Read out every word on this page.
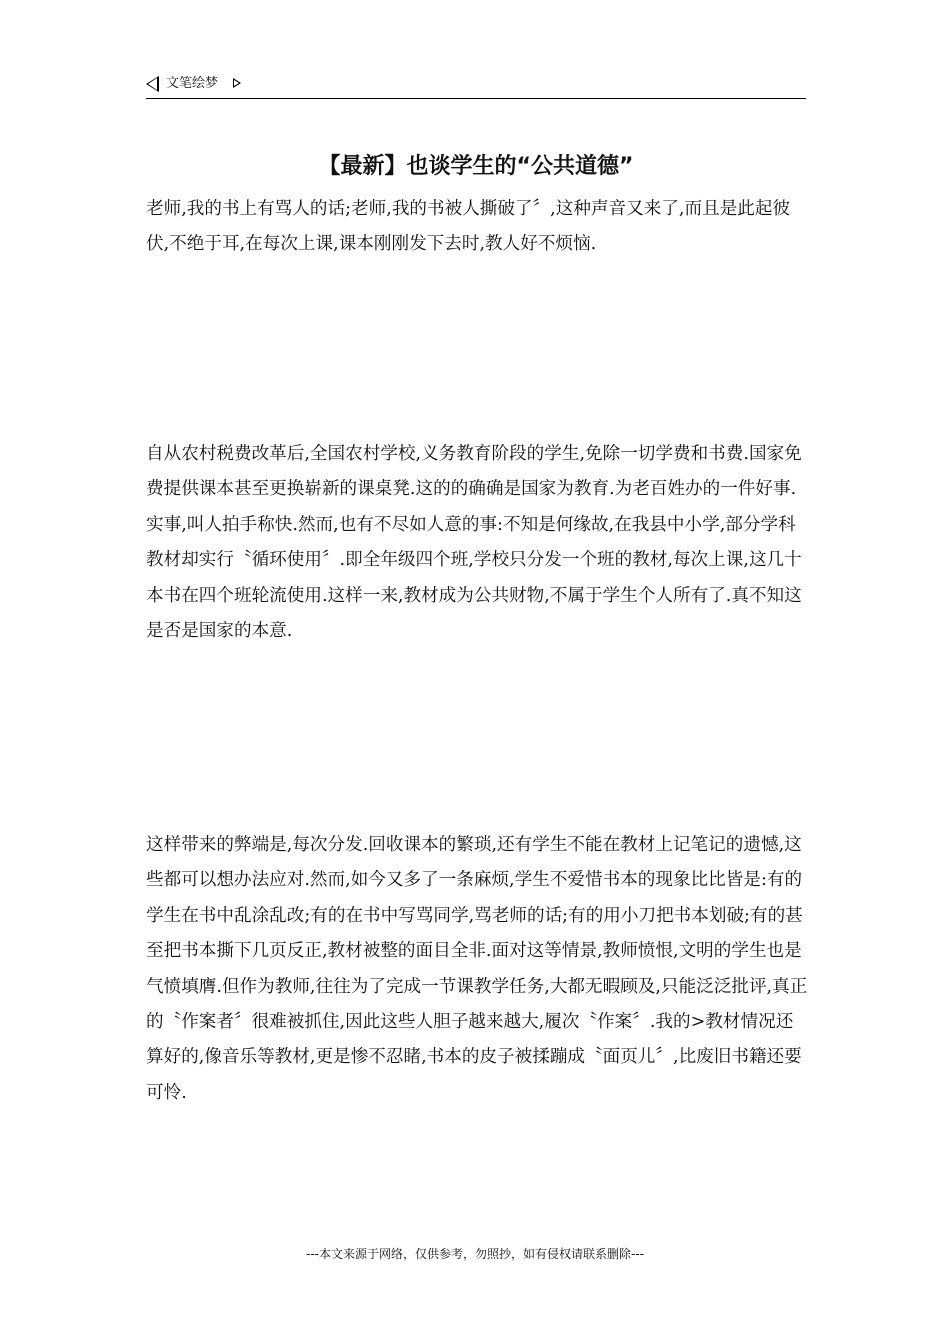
文笔绘梦
【最新】也谈学生的“公共道德”

老师,我的书上有骂人的话;老师,我的书被人撕破了〞,这种声音又来了,而且是此起彼伏,不绝于耳,在每次上课,课本刚刚发下去时,教人好不烦恼.

自从农村税费改革后,全国农村学校,义务教育阶段的学生,免除一切学费和书费.国家免费提供课本甚至更换崭新的课桌凳.这的的确确是国家为教育.为老百姓办的一件好事.实事,叫人拍手称快.然而,也有不尽如人意的事:不知是何缘故,在我县中小学,部分学科教材却实行〝循环使用〞.即全年级四个班,学校只分发一个班的教材,每次上课,这几十本书在四个班轮流使用.这样一来,教材成为公共财物,不属于学生个人所有了.真不知这是否是国家的本意.

这样带来的弊端是,每次分发.回收课本的繁琐,还有学生不能在教材上记笔记的遗憾,这些都可以想办法应对.然而,如今又多了一条麻烦,学生不爱惜书本的现象比比皆是:有的学生在书中乱涂乱改;有的在书中写骂同学,骂老师的话;有的用小刀把书本划破;有的甚至把书本撕下几页反正,教材被整的面目全非.面对这等情景,教师愤恨,文明的学生也是气愤填膺.但作为教师,往往为了完成一节课教学任务,大都无暇顾及,只能泛泛批评,真正的〝作案者〞很难被抓住,因此这些人胆子越来越大,履次〝作案〞.我的>教材情况还算好的,像音乐等教材,更是惨不忍睹,书本的皮子被揉蹦成〝面页儿〞,比废旧书籍还要可怜.

---本文来源于网络，仅供参考，勿照抄，如有侵权请联系删除---
